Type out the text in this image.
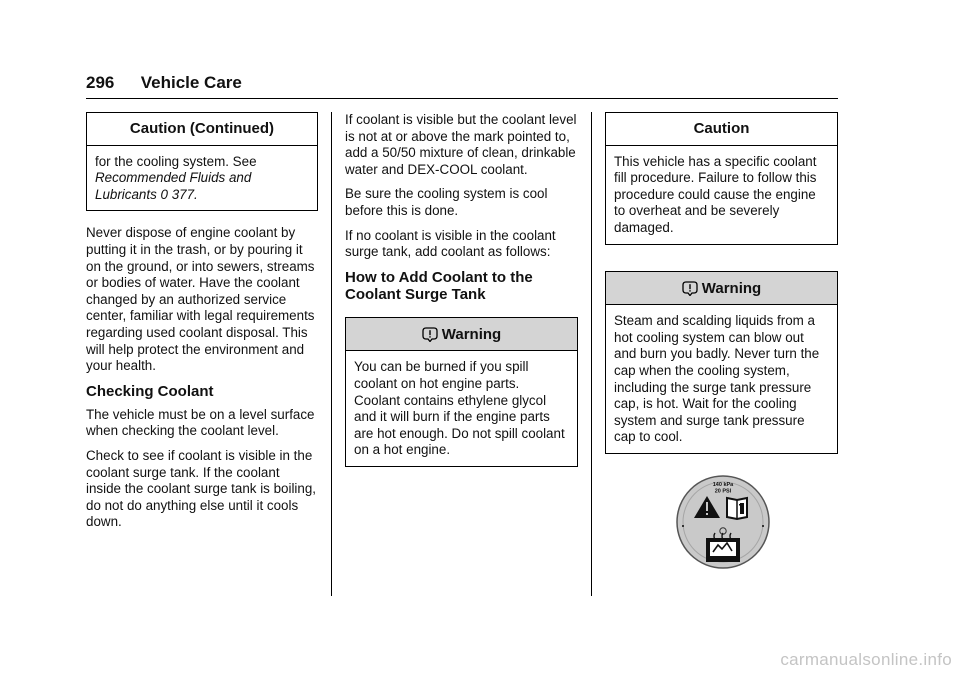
296 Vehicle Care
Caution (Continued)

for the cooling system. See
Recommended Fluids and Lubricants 0 377.

Never dispose of engine coolant by putting it in the trash, or by pouring it on the ground, or into sewers, streams or bodies of water. Have the coolant changed by an authorized service center, familiar with legal requirements regarding used coolant disposal. This will help protect the environment and your health.

Checking Coolant

The vehicle must be on a level surface when checking the coolant level.

Check to see if coolant is visible in the coolant surge tank. If the coolant inside the coolant surge tank is boiling, do not do anything else until it cools down.

If coolant is visible but the coolant level is not at or above the mark pointed to, add a 50/50 mixture of clean, drinkable water and DEX-COOL coolant.

Be sure the cooling system is cool before this is done.

If no coolant is visible in the coolant surge tank, add coolant as follows:

How to Add Coolant to the Coolant Surge Tank
Warning

You can be burned if you spill coolant on hot engine parts. Coolant contains ethylene glycol and it will burn if the engine parts are hot enough. Do not spill coolant on a hot engine.

Caution

This vehicle has a specific coolant fill procedure. Failure to follow this procedure could cause the engine to overheat and be severely damaged.

Warning

Steam and scalding liquids from a hot cooling system can blow out and burn you badly. Never turn the cap when the cooling system, including the surge tank pressure cap, is hot. Wait for the cooling system and surge tank pressure cap to cool.

140 kPa
20 PSI
carmanualsonline.info
